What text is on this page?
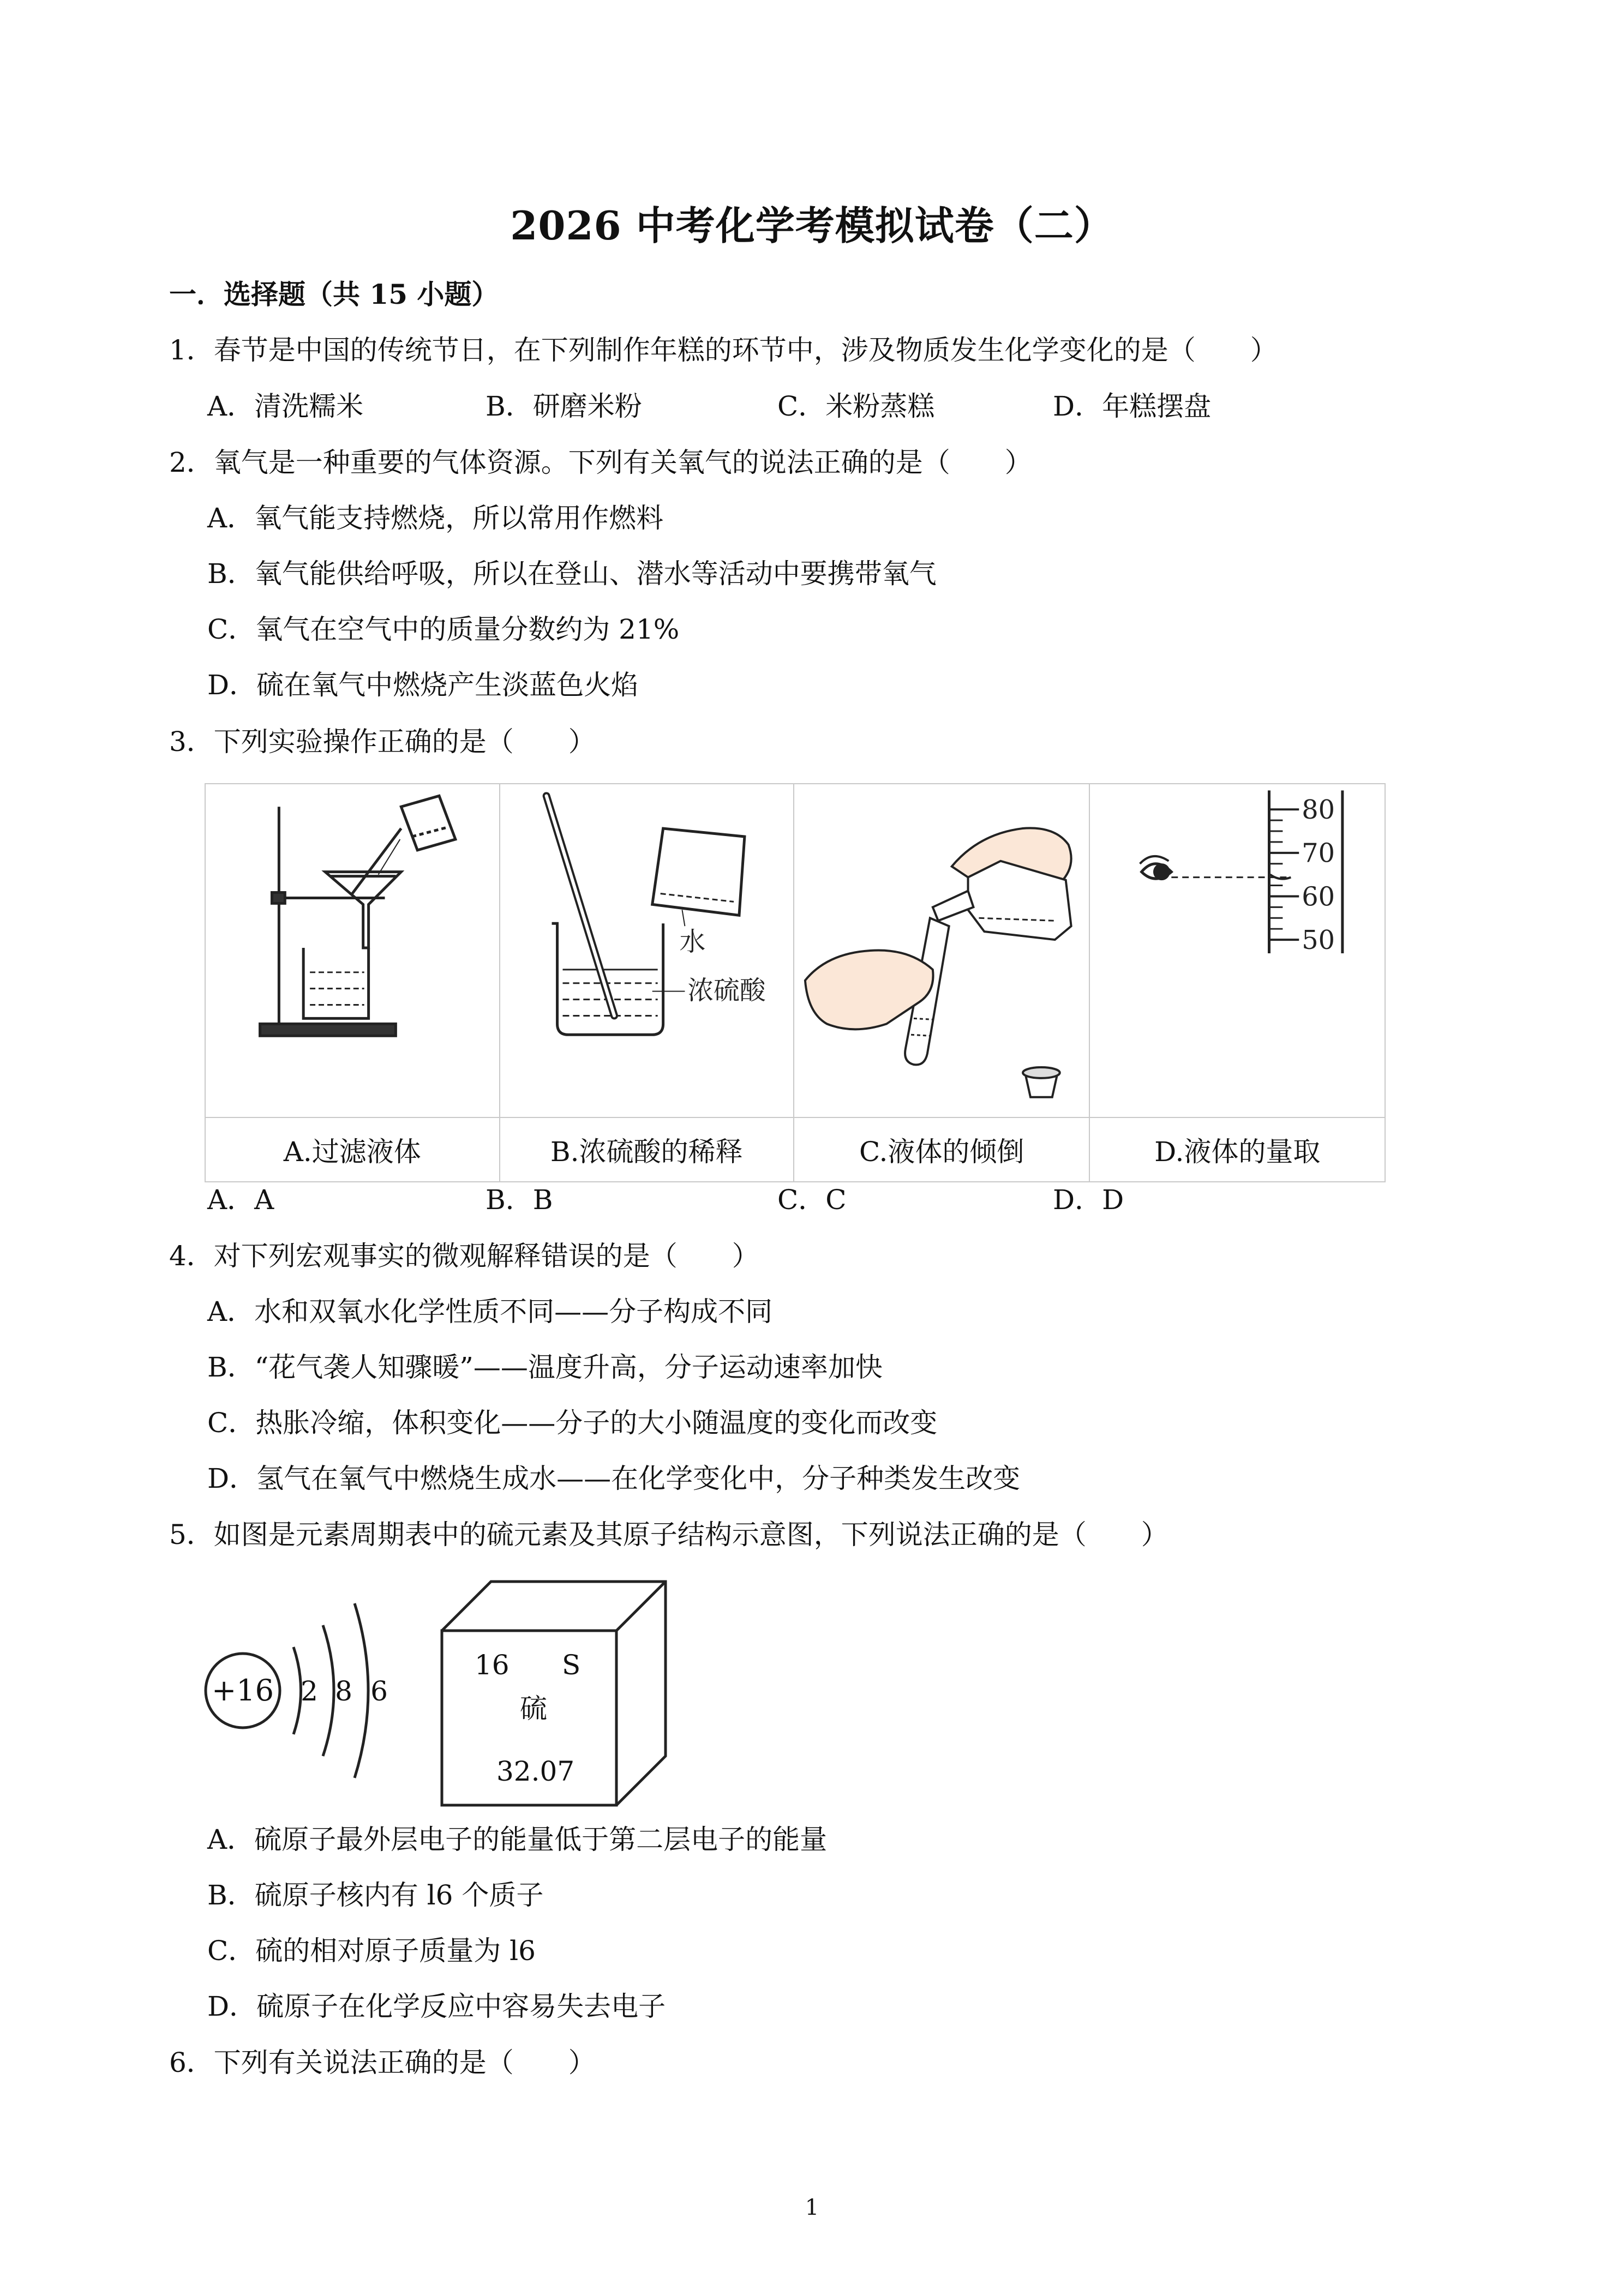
2026 中考化学考模拟试卷（二）
一．选择题（共 15 小题）
1．春节是中国的传统节日，在下列制作年糕的环节中，涉及物质发生化学变化的是（　　）
A．清洗糯米	B．研磨米粉	C．米粉蒸糕	D．年糕摆盘
2．氧气是一种重要的气体资源。下列有关氧气的说法正确的是（　　）
A．氧气能支持燃烧，所以常用作燃料
B．氧气能供给呼吸，所以在登山、潜水等活动中要携带氧气
C．氧气在空气中的质量分数约为 21%
D．硫在氧气中燃烧产生淡蓝色火焰
3．下列实验操作正确的是（　　）

水
浓硫酸		80
70
60
50

A.过滤液体	B.浓硫酸的稀释	C.液体的倾倒	D.液体的量取
A．A	B．B	C．C	D．D
4．对下列宏观事实的微观解释错误的是（　　）
A．水和双氧水化学性质不同——分子构成不同
B．“花气袭人知骤暖”——温度升高，分子运动速率加快
C．热胀冷缩，体积变化——分子的大小随温度的变化而改变
D．氢气在氧气中燃烧生成水——在化学变化中，分子种类发生改变
5．如图是元素周期表中的硫元素及其原子结构示意图，下列说法正确的是（　　）
+16 2 8 6
16 S
硫
32.07
A．硫原子最外层电子的能量低于第二层电子的能量
B．硫原子核内有 l6 个质子
C．硫的相对原子质量为 l6
D．硫原子在化学反应中容易失去电子
6．下列有关说法正确的是（　　）
1
